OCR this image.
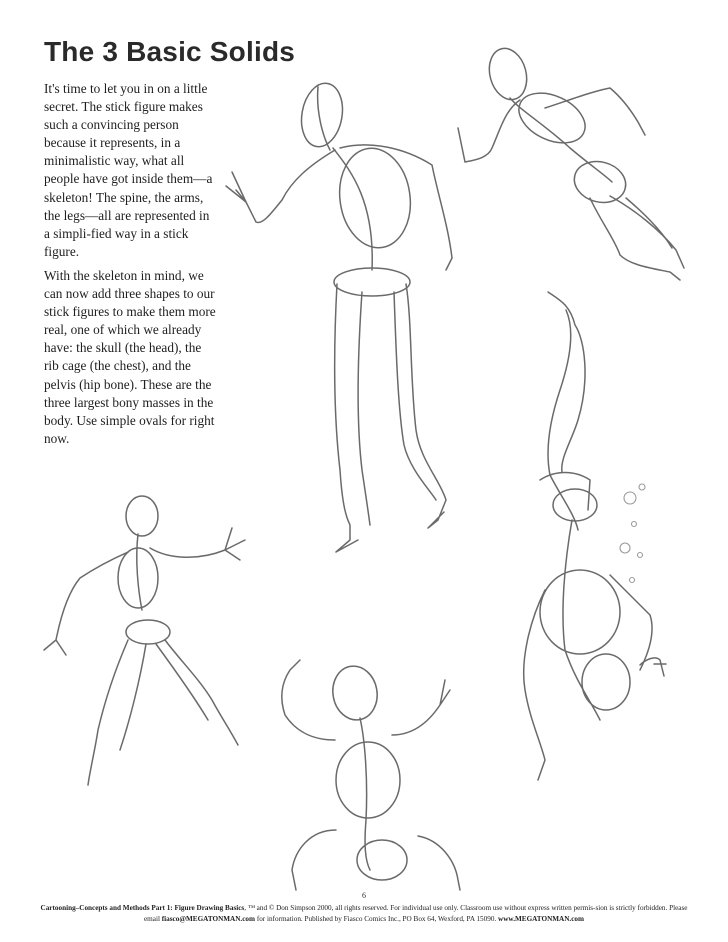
The 3 Basic Solids

It's time to let you in on a little secret. The stick figure makes such a convincing person because it represents, in a minimalistic way, what all people have got inside them—a skeleton! The spine, the arms, the legs—all are represented in a simpli-fied way in a stick figure.

With the skeleton in mind, we can now add three shapes to our stick figures to make them more real, one of which we already have: the skull (the head), the rib cage (the chest), and the pelvis (hip bone). These are the three largest bony masses in the body. Use simple ovals for right now.

6
Cartooning–Concepts and Methods Part 1: Figure Drawing Basics, ™ and © Don Simpson 2000, all rights reserved. For individual use only. Classroom use without express written permis-sion is strictly forbidden. Please email fiasco@MEGATONMAN.com for information. Published by Fiasco Comics Inc., PO Box 64, Wexford, PA 15090. www.MEGATONMAN.com
